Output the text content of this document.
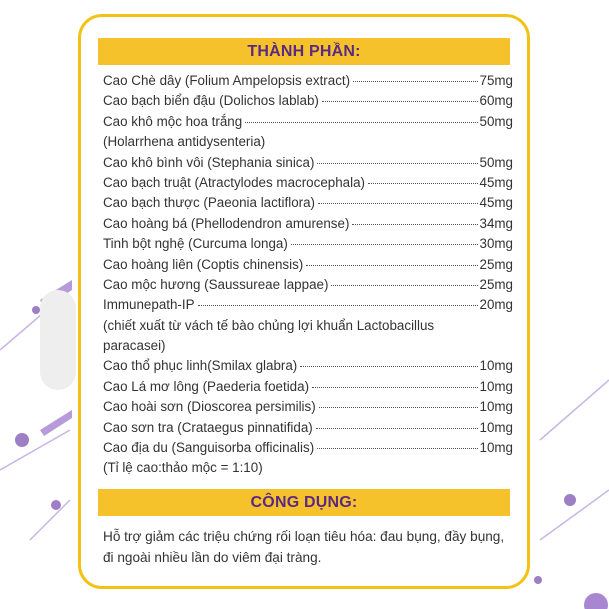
THÀNH PHẦN:
Cao Chè dây (Folium Ampelopsis extract)	75mg
Cao bạch biển đậu (Dolichos lablab)	60mg
Cao khô mộc hoa trắng	50mg
(Holarrhena antidysenteria)
Cao khô bình vôi (Stephania sinica)	50mg
Cao bạch truật (Atractylodes macrocephala)	45mg
Cao bạch thược (Paeonia lactiflora)	45mg
Cao hoàng bá (Phellodendron amurense)	34mg
Tinh bột nghệ (Curcuma longa)	30mg
Cao hoàng liên (Coptis chinensis)	25mg
Cao mộc hương (Saussureae lappae)	25mg
Immunepath-IP	20mg
(chiết xuất từ vách tế bào chủng lợi khuẩn Lactobacillus
paracasei)
Cao thổ phục linh(Smilax glabra)	10mg
Cao Lá mơ lông (Paederia foetida)	10mg
Cao hoài sơn (Dioscorea persimilis)	10mg
Cao sơn tra (Crataegus pinnatifida)	10mg
Cao địa du (Sanguisorba officinalis)	10mg
(Tỉ lệ cao:thảo mộc = 1:10)
CÔNG DỤNG:

Hỗ trợ giảm các triệu chứng rối loạn tiêu hóa: đau bụng, đầy bụng, đi ngoài nhiều lần do viêm đại tràng.
